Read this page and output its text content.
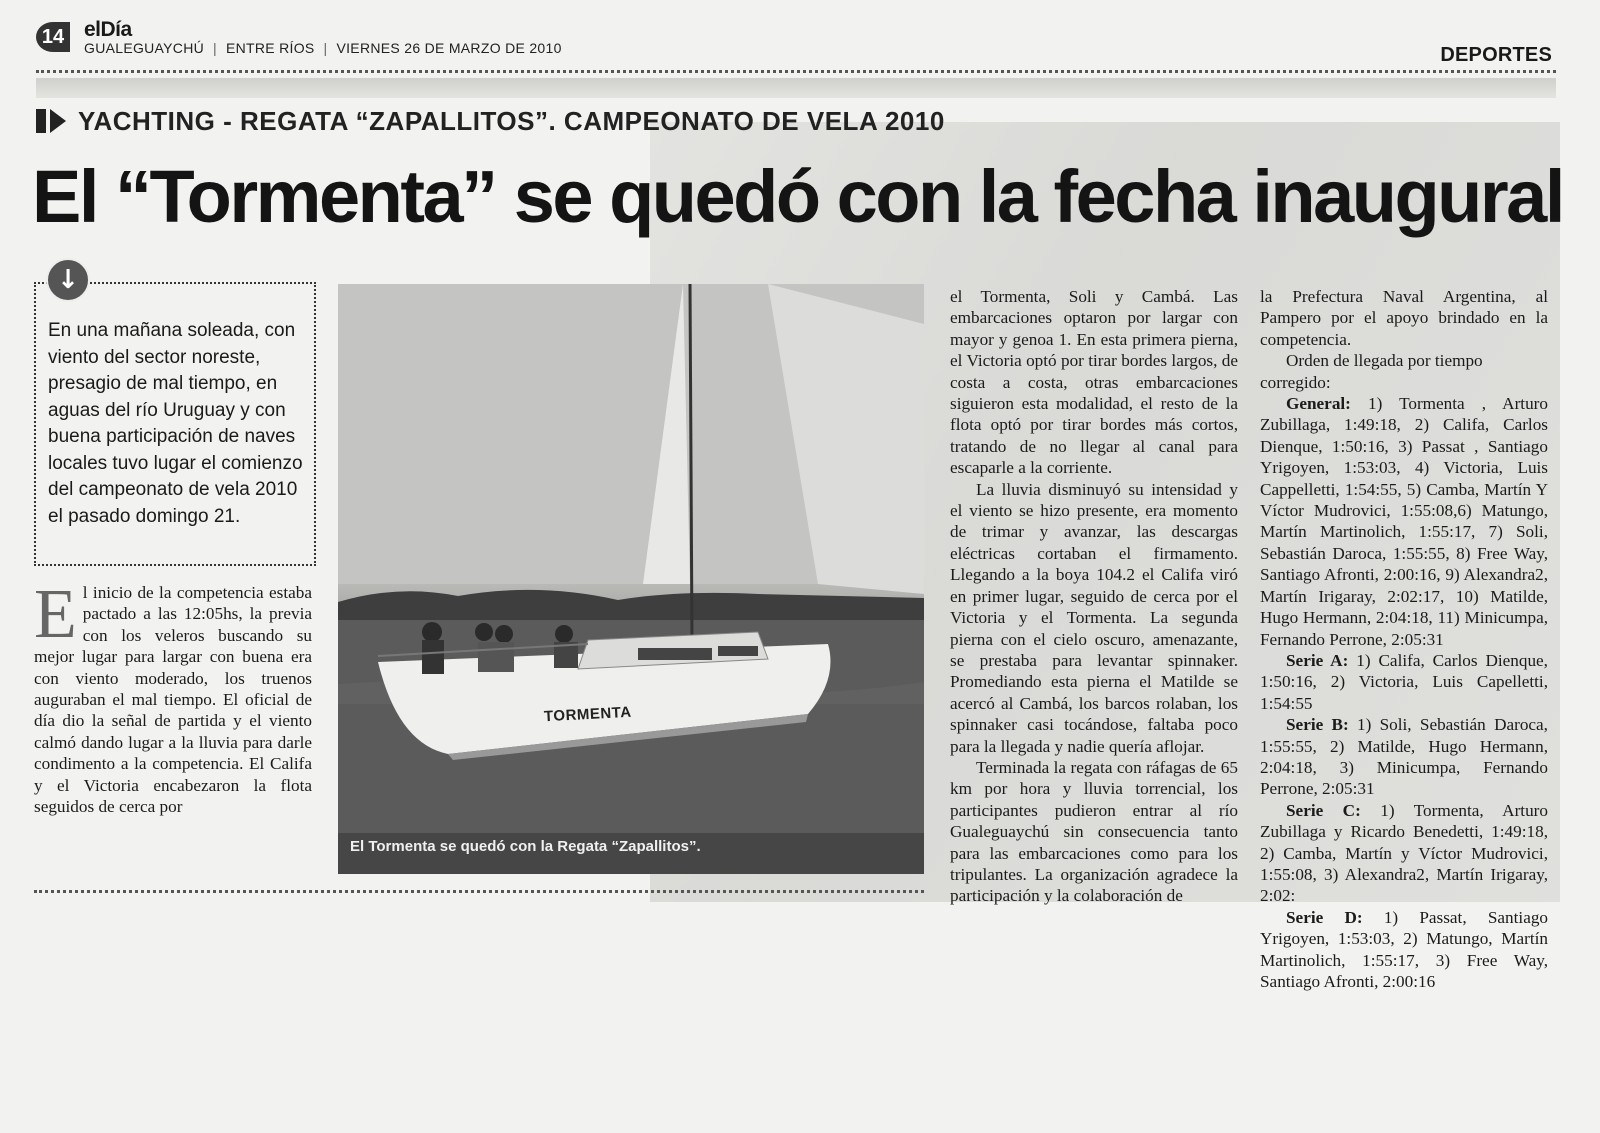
14 elDía
GUALEGUAYCHÚ | ENTRE RÍOS | VIERNES 26 DE MARZO DE 2010	DEPORTES
YACHTING - REGATA “ZAPALLITOS”. CAMPEONATO DE VELA 2010
El “Tormenta” se quedó con la fecha inaugural
En una mañana soleada, con viento del sector noreste, presagio de mal tiempo, en aguas del río Uruguay y con buena participación de naves locales tuvo lugar el comienzo del campeonato de vela 2010 el pasado domingo 21.
↓
El inicio de la competencia estaba pactado a las 12:05hs, la previa con los veleros buscando su mejor lugar para largar con buena era con viento moderado, los truenos auguraban el mal tiempo. El oficial de día dio la señal de partida y el viento calmó dando lugar a la lluvia para darle condimento a la competencia. El Califa y el Victoria encabezaron la flota seguidos de cerca por
TORMENTA
El Tormenta se quedó con la Regata “Zapallitos”.

el Tormenta, Soli y Cambá. Las embarcaciones optaron por largar con mayor y genoa 1. En esta primera pierna, el Victoria optó por tirar bordes largos, de costa a costa, otras embarcaciones siguieron esta modalidad, el resto de la flota optó por tirar bordes más cortos, tratando de no llegar al canal para escaparle a la corriente.

La lluvia disminuyó su intensidad y el viento se hizo presente, era momento de trimar y avanzar, las descargas eléctricas cortaban el firmamento. Llegando a la boya 104.2 el Califa viró en primer lugar, seguido de cerca por el Victoria y el Tormenta. La segunda pierna con el cielo oscuro, amenazante, se prestaba para levantar spinnaker. Promediando esta pierna el Matilde se acercó al Cambá, los barcos rolaban, los spinnaker casi tocándose, faltaba poco para la llegada y nadie quería aflojar.

Terminada la regata con ráfagas de 65 km por hora y lluvia torrencial, los participantes pudieron entrar al río Gualeguaychú sin consecuencia tanto para las embarcaciones como para los tripulantes. La organización agradece la participación y la colaboración de

la Prefectura Naval Argentina, al Pampero por el apoyo brindado en la competencia.

Orden de llegada por tiempo corregido:

General: 1) Tormenta , Arturo Zubillaga, 1:49:18, 2) Califa, Carlos Dienque, 1:50:16, 3) Passat , Santiago Yrigoyen, 1:53:03, 4) Victoria, Luis Cappelletti, 1:54:55, 5) Camba, Martín Y Víctor Mudrovici, 1:55:08,6) Matungo, Martín Martinolich, 1:55:17, 7) Soli, Sebastián Daroca, 1:55:55, 8) Free Way, Santiago Afronti, 2:00:16, 9) Alexandra2, Martín Irigaray, 2:02:17, 10) Matilde, Hugo Hermann, 2:04:18, 11) Minicumpa, Fernando Perrone, 2:05:31

Serie A: 1) Califa, Carlos Dienque, 1:50:16, 2) Victoria, Luis Capelletti, 1:54:55

Serie B: 1) Soli, Sebastián Daroca, 1:55:55, 2) Matilde, Hugo Hermann, 2:04:18, 3) Minicumpa, Fernando Perrone, 2:05:31

Serie C: 1) Tormenta, Arturo Zubillaga y Ricardo Benedetti, 1:49:18, 2) Camba, Martín y Víctor Mudrovici, 1:55:08, 3) Alexandra2, Martín Irigaray, 2:02:

Serie D: 1) Passat, Santiago Yrigoyen, 1:53:03, 2) Matungo, Martín Martinolich, 1:55:17, 3) Free Way, Santiago Afronti, 2:00:16
